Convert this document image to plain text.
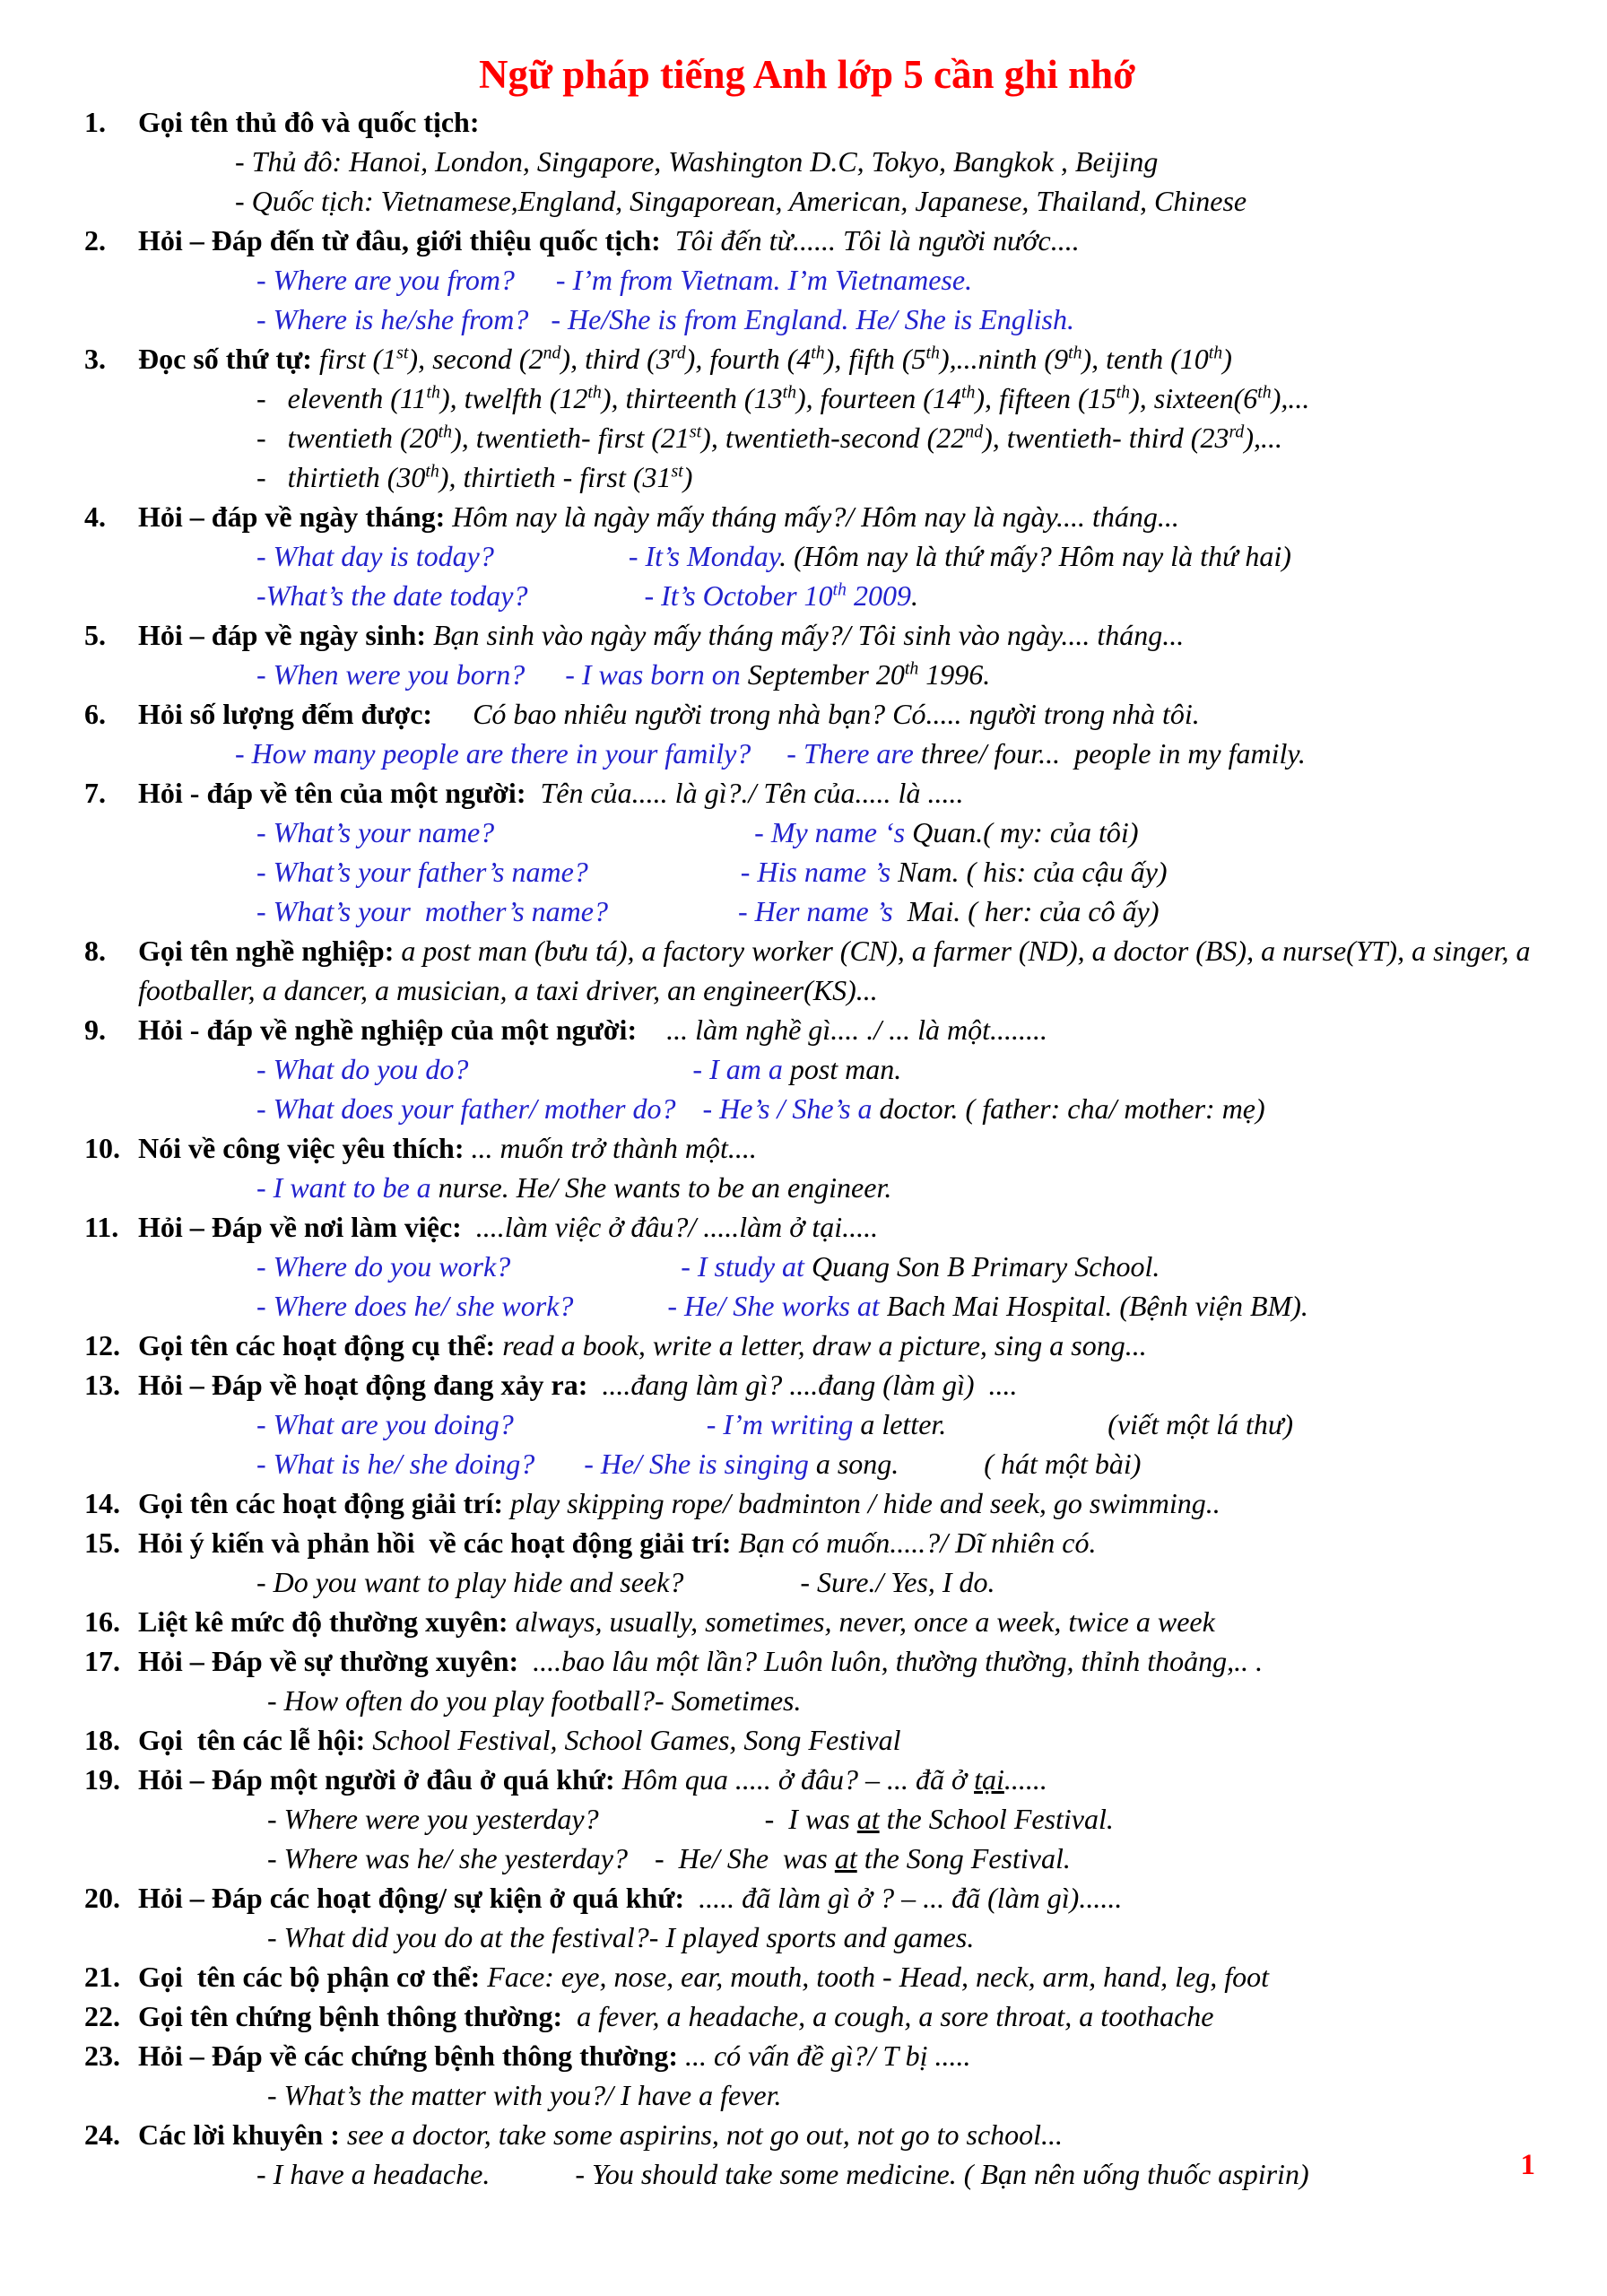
Ngữ pháp tiếng Anh lớp 5 cần ghi nhớ
1. Gọi tên thủ đô và quốc tịch:
- Thủ đô: Hanoi, London, Singapore, Washington D.C, Tokyo, Bangkok , Beijing
- Quốc tịch: Vietnamese,England, Singaporean, American, Japanese, Thailand, Chinese
2. Hỏi – Đáp đến từ đâu, giới thiệu quốc tịch:  Tôi đến từ...... Tôi là người nước....
- Where are you from? - I’m from Vietnam. I’m Vietnamese.
- Where is he/she from? - He/She is from England. He/ She is English.
3. Đọc số thứ tự: first (1st), second (2nd), third (3rd), fourth (4th), fifth (5th),...ninth (9th), tenth (10th)
-   eleventh (11th), twelfth (12th), thirteenth (13th), fourteen (14th), fifteen (15th), sixteen(6th),...
-   twentieth (20th), twentieth- first (21st), twentieth-second (22nd), twentieth- third (23rd),...
-   thirtieth (30th), thirtieth - first (31st)
4. Hỏi – đáp về ngày tháng: Hôm nay là ngày mấy tháng mấy?/ Hôm nay là ngày.... tháng...
- What day is today?	- It’s Monday. (Hôm nay là thứ mấy? Hôm nay là thứ hai)
-What’s the date today?	- It’s October 10th 2009.
5. Hỏi – đáp về ngày sinh: Bạn sinh vào ngày mấy tháng mấy?/ Tôi sinh vào ngày.... tháng...
- When were you born? - I was born on September 20th 1996.
6. Hỏi số lượng đếm được: Có bao nhiêu người trong nhà bạn? Có..... người trong nhà tôi.
- How many people are there in your family? - There are three/ four...  people in my family.
7. Hỏi - đáp về tên của một người:  Tên của..... là gì?./ Tên của..... là .....
- What’s your name?	- My name ‘s Quan.( my: của tôi)
- What’s your father’s name?	- His name ’s Nam. ( his: của cậu ấy)
- What’s your  mother’s name?	- Her name ’s  Mai. ( her: của cô ấy)
8. Gọi tên nghề nghiệp: a post man (bưu tá), a factory worker (CN), a farmer (ND), a doctor (BS), a nurse(YT), a singer, a footballer, a dancer, a musician, a taxi driver, an engineer(KS)...
9. Hỏi - đáp về nghề nghiệp của một người: ... làm nghề gì.... ./ ... là một........
- What do you do?	- I am a post man.
- What does your father/ mother do? - He’s / She’s a doctor. ( father: cha/ mother: mẹ)
10. Nói về công việc yêu thích: ... muốn trở thành một....
- I want to be a nurse. He/ She wants to be an engineer.
11. Hỏi – Đáp về nơi làm việc:  ....làm việc ở đâu?/ .....làm ở tại.....
- Where do you work?	- I study at Quang Son B Primary School.
- Where does he/ she work?	- He/ She works at Bach Mai Hospital. (Bệnh viện BM).
12. Gọi tên các hoạt động cụ thể: read a book, write a letter, draw a picture, sing a song...
13. Hỏi – Đáp về hoạt động đang xảy ra:  ....đang làm gì? ....đang (làm gì)  ....
- What are you doing?	- I’m writing a letter.	(viết một lá thư)
- What is he/ she doing? - He/ She is singing a song.	( hát một bài)
14. Gọi tên các hoạt động giải trí: play skipping rope/ badminton / hide and seek, go swimming..
15. Hỏi ý kiến và phản hồi  về các hoạt động giải trí: Bạn có muốn.....?/ Dĩ nhiên có.
- Do you want to play hide and seek?	- Sure./ Yes, I do.
16. Liệt kê mức độ thường xuyên: always, usually, sometimes, never, once a week, twice a week
17. Hỏi – Đáp về sự thường xuyên:  ....bao lâu một lần? Luôn luôn, thường thường, thỉnh thoảng,.. .
- How often do you play football?- Sometimes.
18. Gọi  tên các lễ hội: School Festival, School Games, Song Festival
19. Hỏi – Đáp một người ở đâu ở quá khứ: Hôm qua ..... ở đâu? – ... đã ở tại......
- Where were you yesterday?	-  I was at the School Festival.
- Where was he/ she yesterday? -  He/ She  was at the Song Festival.
20. Hỏi – Đáp các hoạt động/ sự kiện ở quá khứ:  ..... đã làm gì ở ? – ... đã (làm gì)......
- What did you do at the festival?- I played sports and games.
21. Gọi  tên các bộ phận cơ thể: Face: eye, nose, ear, mouth, tooth - Head, neck, arm, hand, leg, foot
22. Gọi tên chứng bệnh thông thường:  a fever, a headache, a cough, a sore throat, a toothache
23. Hỏi – Đáp về các chứng bệnh thông thường: ... có vấn đề gì?/ T bị .....
- What’s the matter with you?/ I have a fever.
24. Các lời khuyên : see a doctor, take some aspirins, not go out, not go to school...
- I have a headache.	- You should take some medicine. ( Bạn nên uống thuốc aspirin)	1
